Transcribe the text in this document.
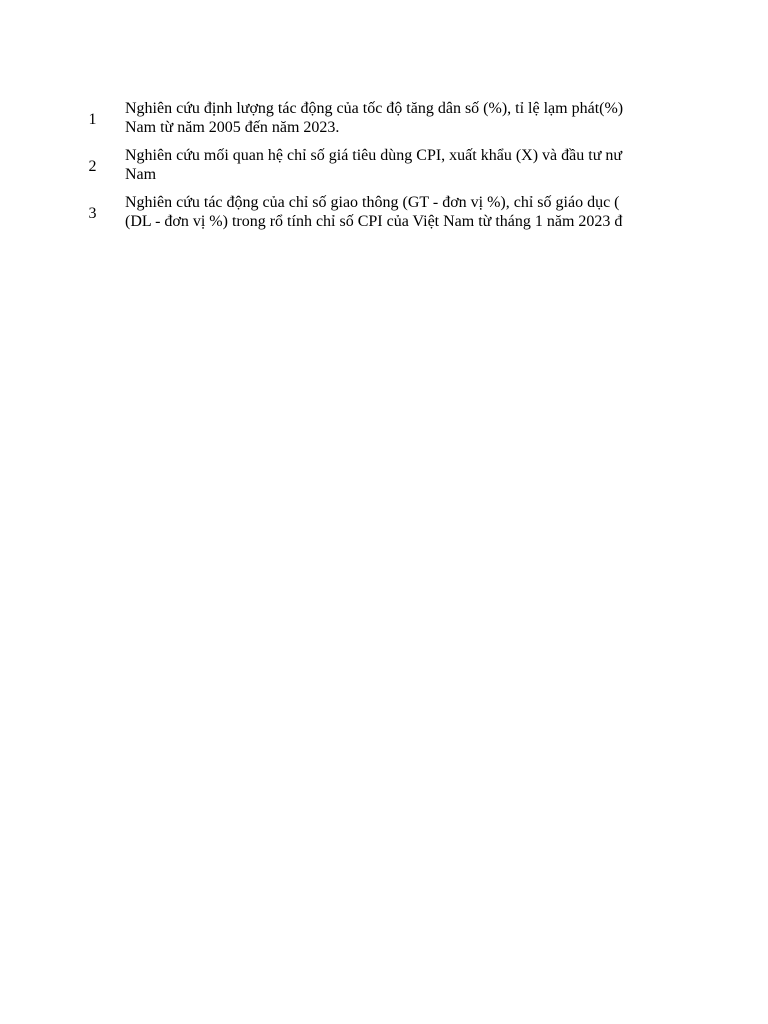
1
Nghiên cứu định lượng tác động của tốc độ tăng dân số (%), tỉ lệ lạm phát(%)
Nam từ năm 2005 đến năm 2023.
2
Nghiên cứu mối quan hệ chỉ số giá tiêu dùng CPI, xuất khẩu (X) và đầu tư nư
Nam
3
Nghiên cứu tác động của chỉ số giao thông (GT - đơn vị %), chỉ số giáo dục (
(DL - đơn vị %) trong rổ tính chỉ số CPI của Việt Nam từ tháng 1 năm 2023 đ
